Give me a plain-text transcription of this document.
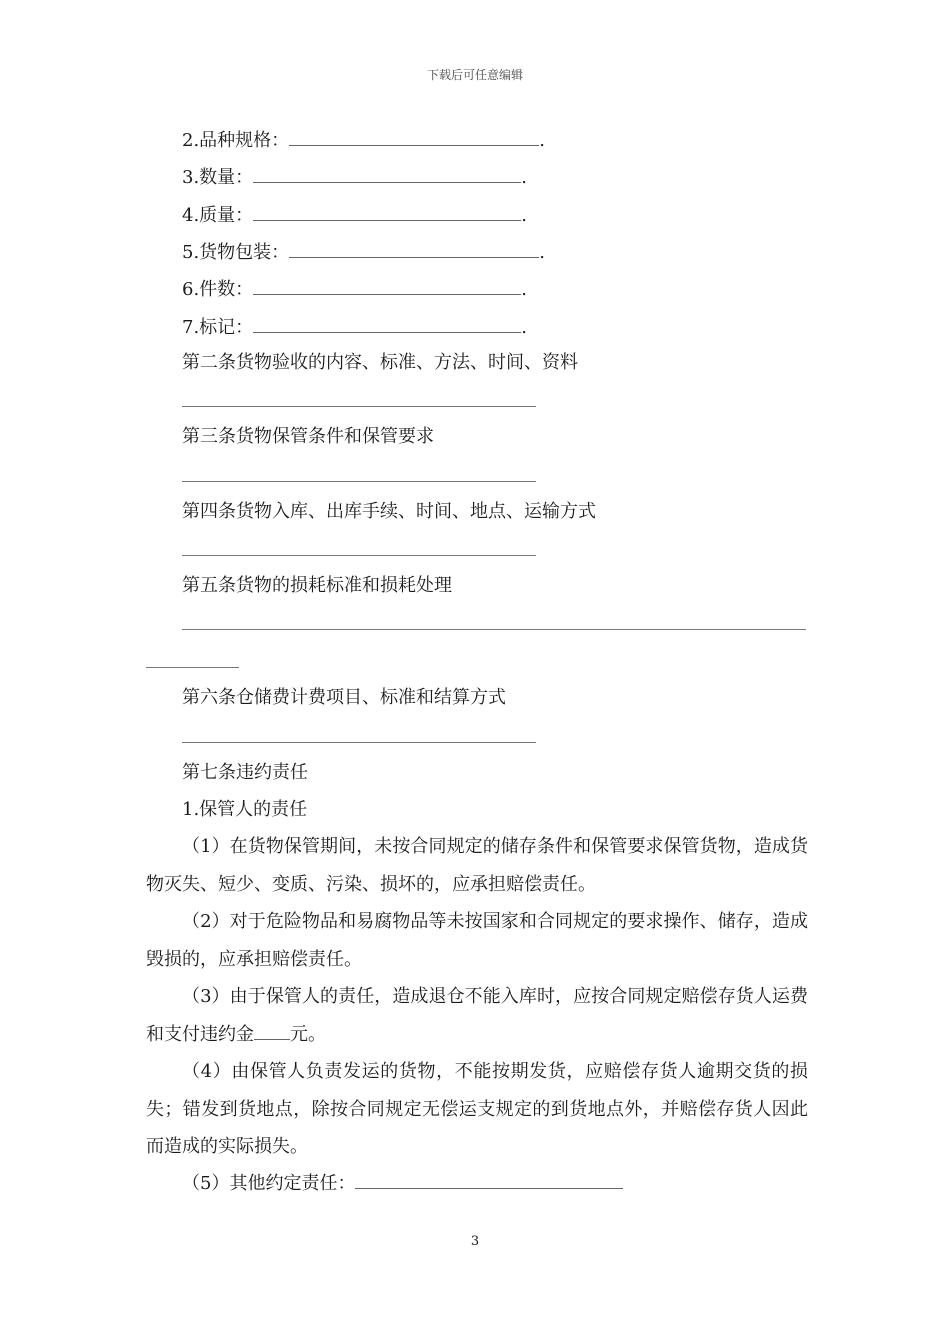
下载后可任意编辑
2.品种规格：	.
3.数量：	.
4.质量：	.
5.货物包装：	.
6.件数：	.
7.标记：	.
第二条货物验收的内容、标准、方法、时间、资料
第三条货物保管条件和保管要求
第四条货物入库、出库手续、时间、地点、运输方式
第五条货物的损耗标准和损耗处理
第六条仓储费计费项目、标准和结算方式
第七条违约责任
1.保管人的责任
（1）在货物保管期间，未按合同规定的储存条件和保管要求保管货物，造成货物灭失、短少、变质、污染、损坏的，应承担赔偿责任。
（2）对于危险物品和易腐物品等未按国家和合同规定的要求操作、储存，造成毁损的，应承担赔偿责任。
（3）由于保管人的责任，造成退仓不能入库时，应按合同规定赔偿存货人运费和支付违约金 元。
（4）由保管人负责发运的货物，不能按期发货，应赔偿存货人逾期交货的损失；错发到货地点，除按合同规定无偿运支规定的到货地点外，并赔偿存货人因此而造成的实际损失。
（5）其他约定责任：
3
